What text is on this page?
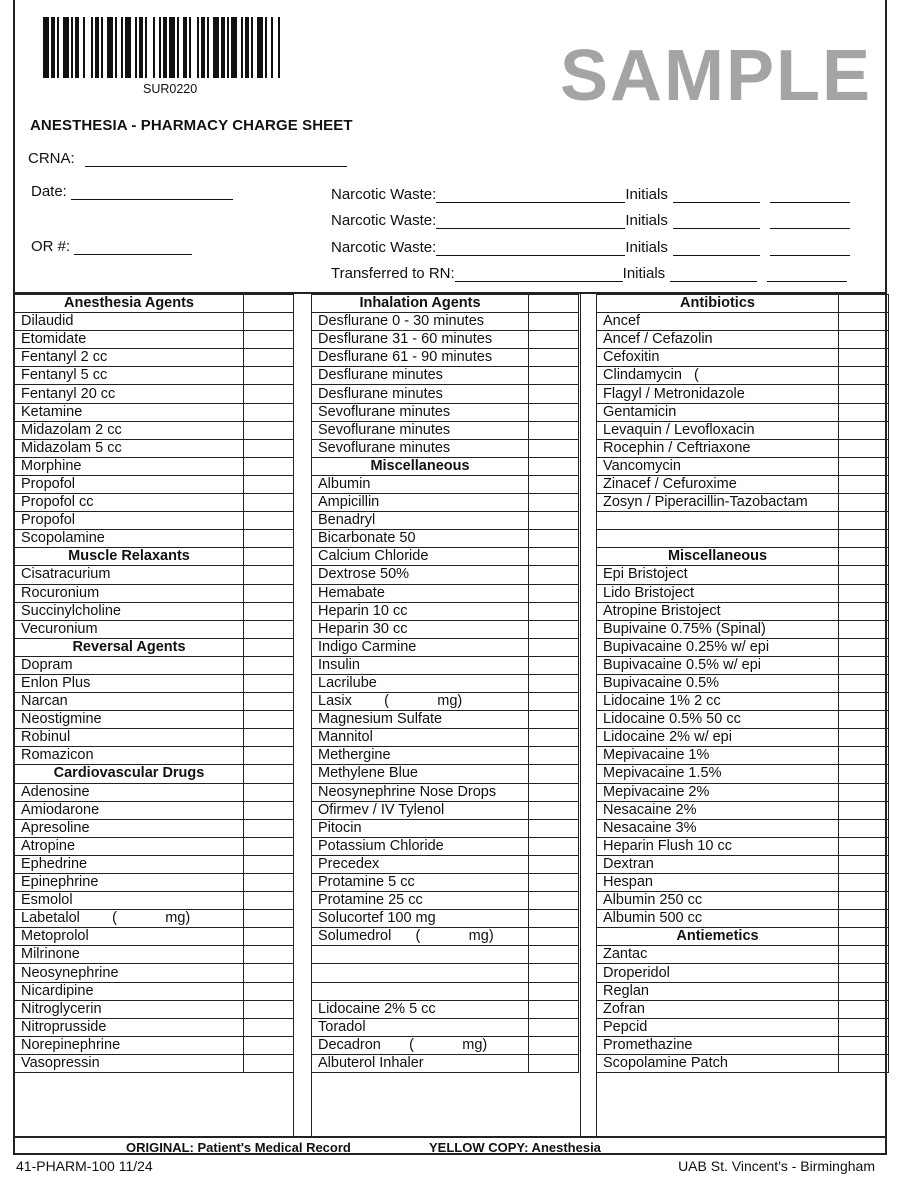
SUR0220
ANESTHESIA - PHARMACY CHARGE SHEET
SAMPLE
CRNA:
Date:
OR #:
Narcotic Waste:	Initials
Narcotic Waste:	Initials
Narcotic Waste:	Initials
Transferred to RN:	Initials
Anesthesia Agents	
Dilaudid	
Etomidate	
Fentanyl 2 cc	
Fentanyl 5 cc	
Fentanyl 20 cc	
Ketamine	
Midazolam 2 cc	
Midazolam 5 cc	
Morphine	
Propofol	
Propofol cc	
Propofol	
Scopolamine	
Muscle Relaxants	
Cisatracurium	
Rocuronium	
Succinylcholine	
Vecuronium	
Reversal Agents	
Dopram	
Enlon Plus	
Narcan	
Neostigmine	
Robinul	
Romazicon	
Cardiovascular Drugs	
Adenosine	
Amiodarone	
Apresoline	
Atropine	
Ephedrine	
Epinephrine	
Esmolol	
Labetalol        (            mg)	
Metoprolol	
Milrinone	
Neosynephrine	
Nicardipine	
Nitroglycerin	
Nitroprusside	
Norepinephrine	
Vasopressin	
Inhalation Agents	
Desflurane 0 - 30 minutes	
Desflurane 31 - 60 minutes	
Desflurane 61 - 90 minutes	
Desflurane minutes	
Desflurane minutes	
Sevoflurane minutes	
Sevoflurane minutes	
Sevoflurane minutes	
Miscellaneous	
Albumin	
Ampicillin	
Benadryl	
Bicarbonate 50	
Calcium Chloride	
Dextrose 50%	
Hemabate	
Heparin 10 cc	
Heparin 30 cc	
Indigo Carmine	
Insulin	
Lacrilube	
Lasix        (            mg)	
Magnesium Sulfate	
Mannitol	
Methergine	
Methylene Blue	
Neosynephrine Nose Drops	
Ofirmev / IV Tylenol	
Pitocin	
Potassium Chloride	
Precedex	
Protamine 5 cc	
Protamine 25 cc	
Solucortef 100 mg	
Solumedrol      (            mg)	

Lidocaine 2% 5 cc	
Toradol	
Decadron       (            mg)	
Albuterol Inhaler	
Antibiotics	
Ancef	
Ancef / Cefazolin	
Cefoxitin	
Clindamycin   (	
Flagyl / Metronidazole	
Gentamicin	
Levaquin / Levofloxacin	
Rocephin / Ceftriaxone	
Vancomycin	
Zinacef / Cefuroxime	
Zosyn / Piperacillin-Tazobactam	

Miscellaneous	
Epi Bristoject	
Lido Bristoject	
Atropine Bristoject	
Bupivaine 0.75% (Spinal)	
Bupivacaine 0.25% w/ epi	
Bupivacaine 0.5% w/ epi	
Bupivacaine 0.5%	
Lidocaine 1% 2 cc	
Lidocaine 0.5% 50 cc	
Lidocaine 2% w/ epi	
Mepivacaine 1%	
Mepivacaine 1.5%	
Mepivacaine 2%	
Nesacaine 2%	
Nesacaine 3%	
Heparin Flush 10 cc	
Dextran	
Hespan	
Albumin 250 cc	
Albumin 500 cc	
Antiemetics	
Zantac	
Droperidol	
Reglan	
Zofran	
Pepcid	
Promethazine	
Scopolamine Patch	
ORIGINAL: Patient's Medical Record	YELLOW COPY: Anesthesia
41-PHARM-100 11/24	UAB St. Vincent's - Birmingham
